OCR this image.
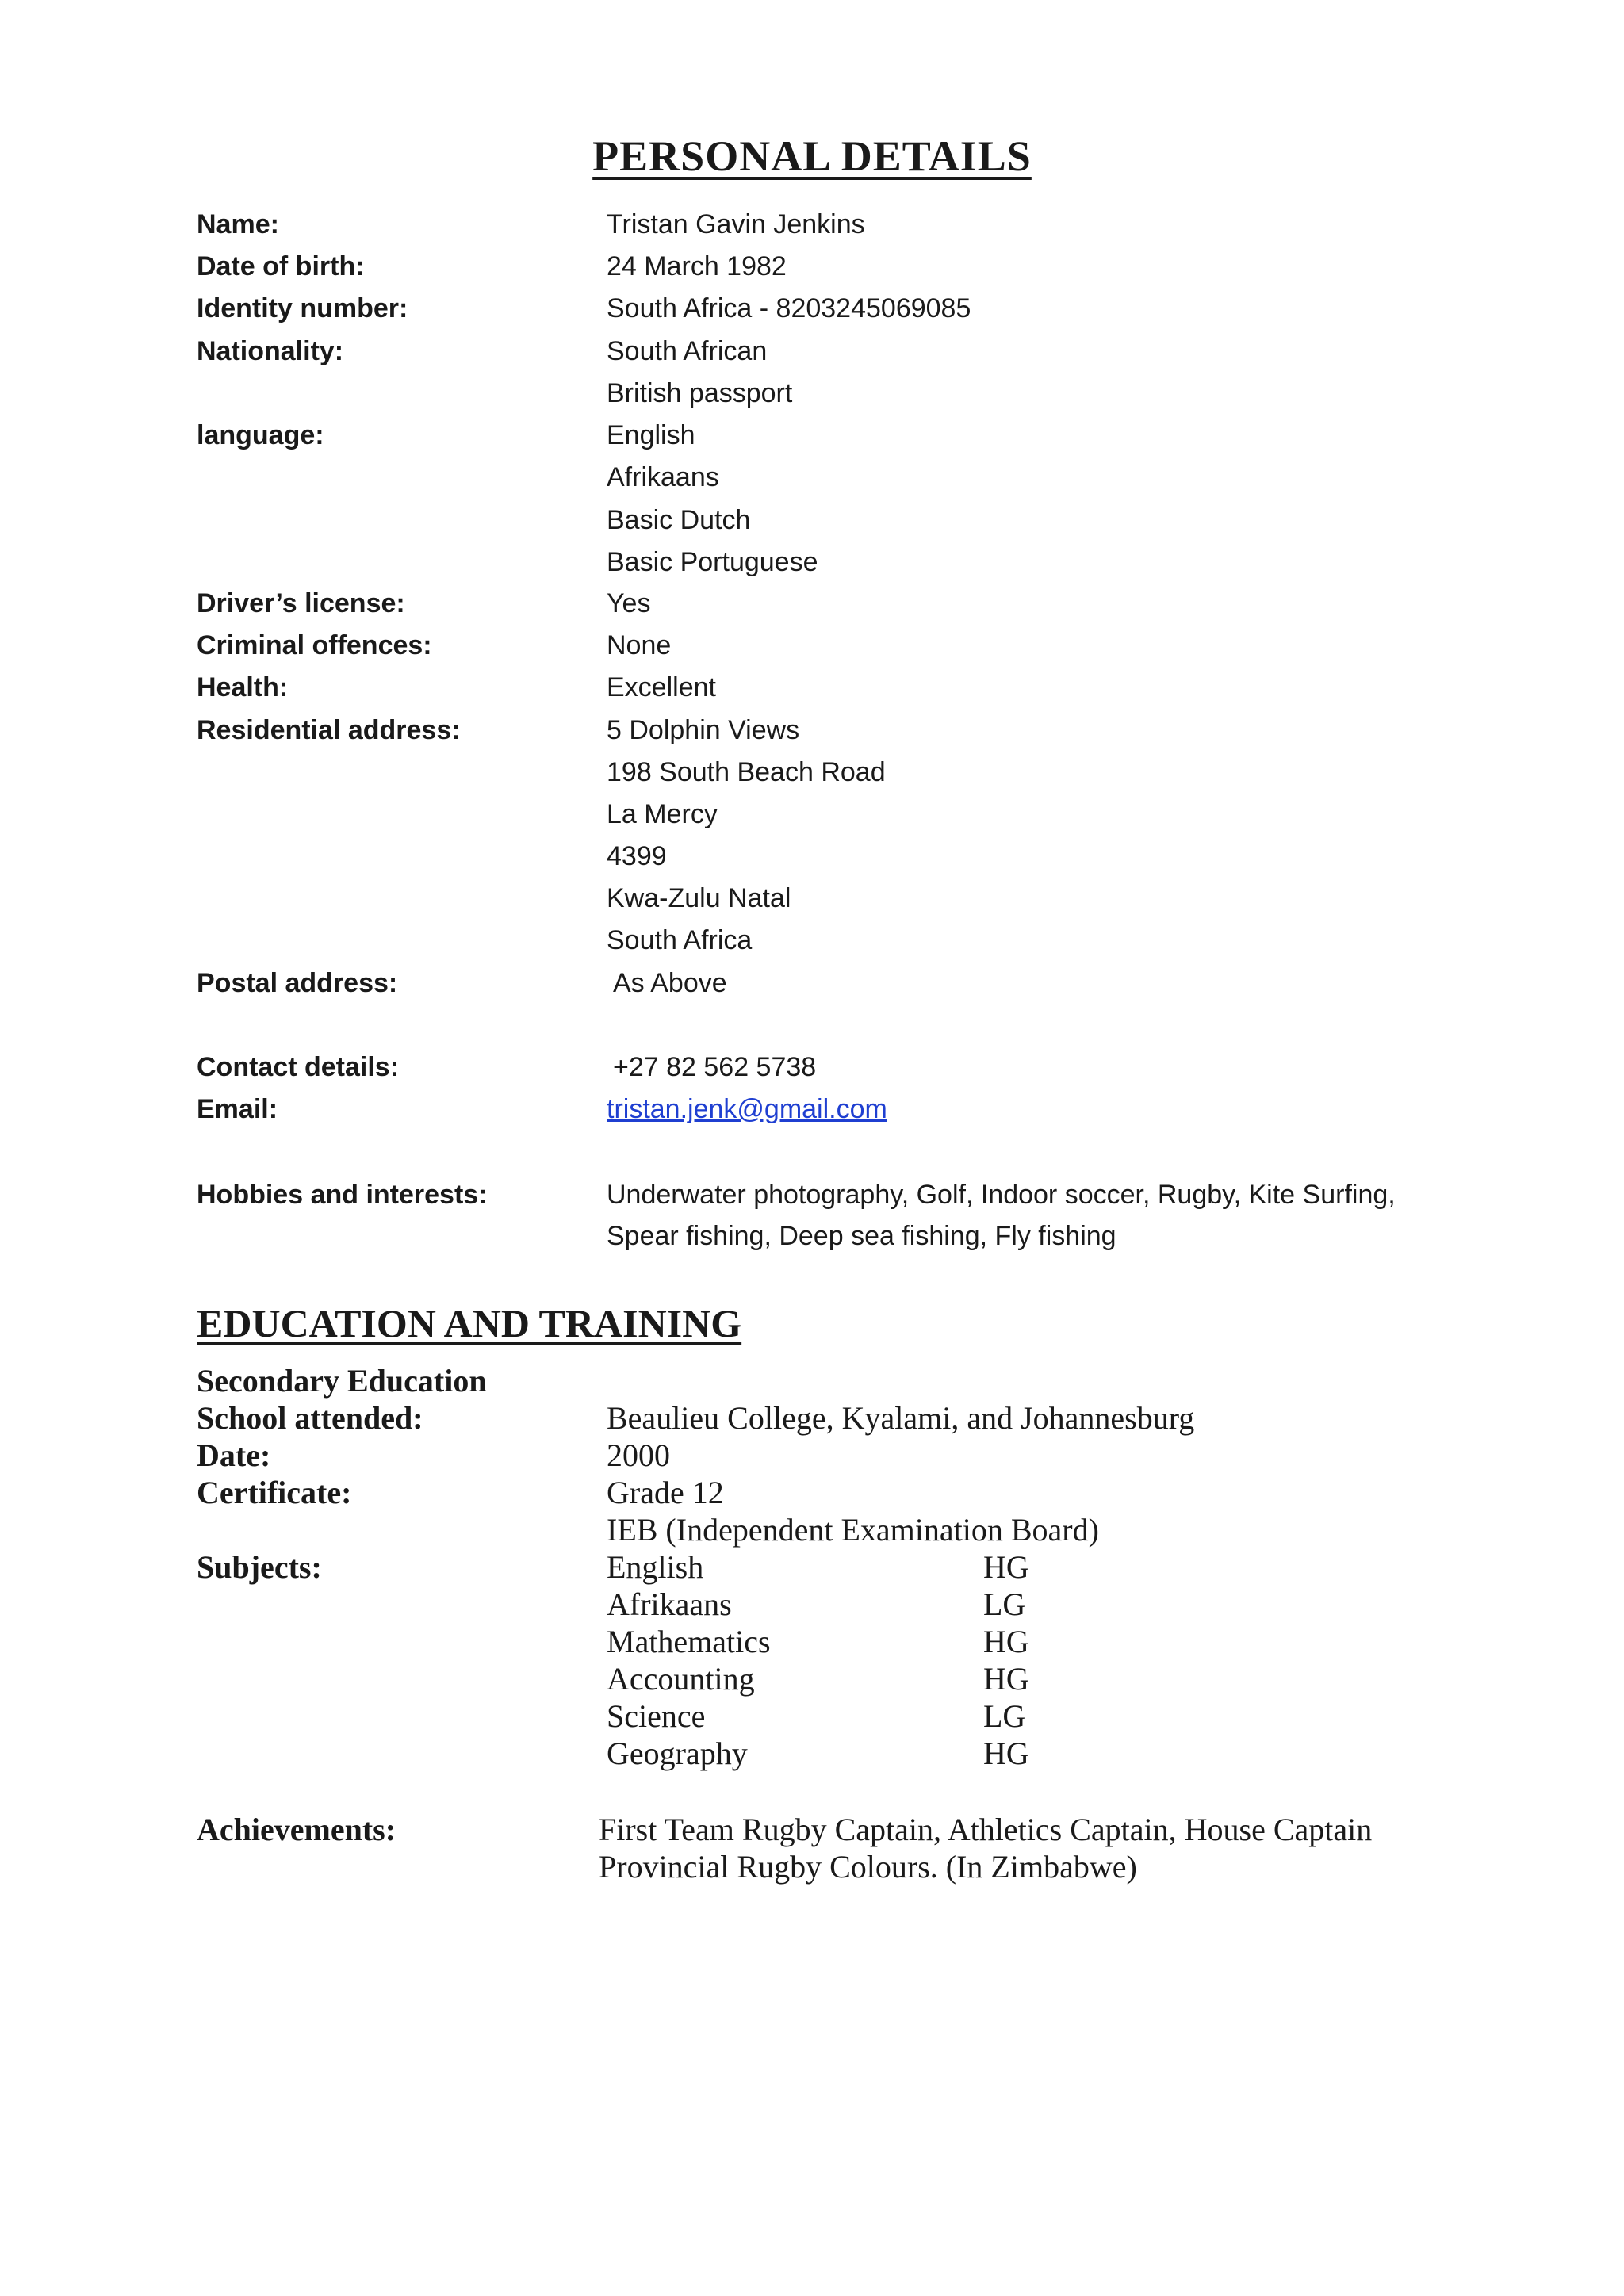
PERSONAL DETAILS
Name:	Tristan Gavin Jenkins
Date of birth:	24 March 1982
Identity number:	South Africa - 8203245069085
Nationality:	South African
British passport
language:	English
Afrikaans
Basic Dutch
Basic Portuguese
Driver’s license:	Yes
Criminal offences:	None
Health:	Excellent
Residential address:	5 Dolphin Views
198 South Beach Road
La Mercy
4399
Kwa-Zulu Natal
South Africa
Postal address:	As Above
Contact details:	+27 82 562 5738
Email:	tristan.jenk@gmail.com
Hobbies and interests:	Underwater photography, Golf, Indoor soccer, Rugby, Kite Surfing,
Spear fishing, Deep sea fishing, Fly fishing
EDUCATION AND TRAINING
Secondary Education
School attended:	Beaulieu College, Kyalami, and Johannesburg
Date:	2000
Certificate:	Grade 12
IEB (Independent Examination Board)
Subjects:	English	HG
Afrikaans	LG
Mathematics	HG
Accounting	HG
Science	LG
Geography	HG
Achievements:	First Team Rugby Captain, Athletics Captain, House Captain
Provincial Rugby Colours. (In Zimbabwe)
